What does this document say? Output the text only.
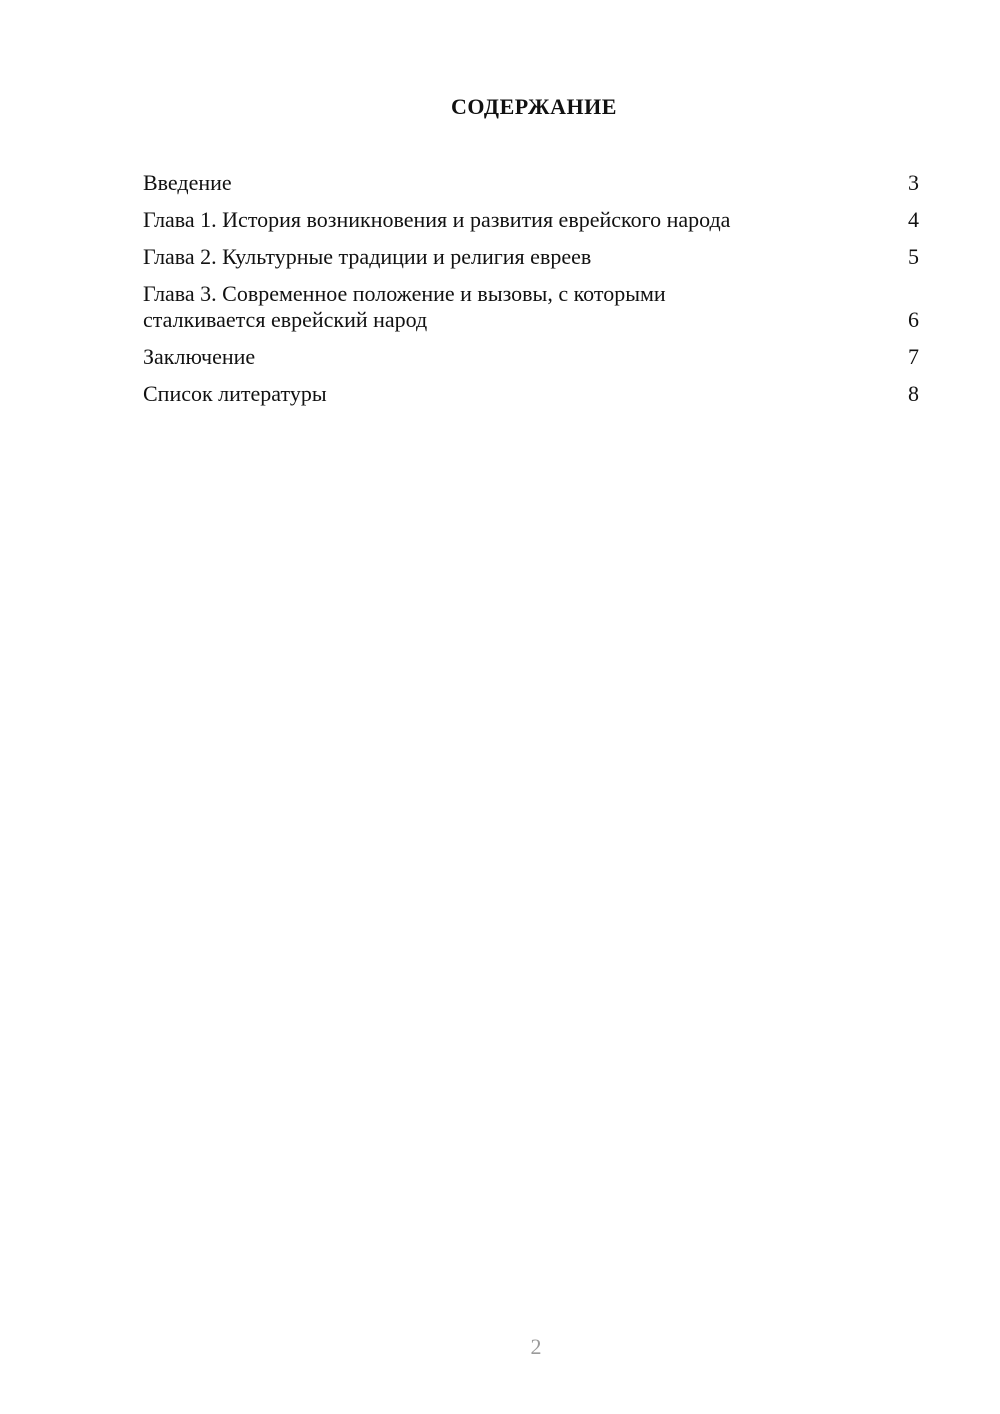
СОДЕРЖАНИЕ
Введение	3
Глава 1. История возникновения и развития еврейского народа	4
Глава 2. Культурные традиции и религия евреев	5
Глава 3. Современное положение и вызовы, с которыми сталкивается еврейский народ	6
Заключение	7
Список литературы	8
2
